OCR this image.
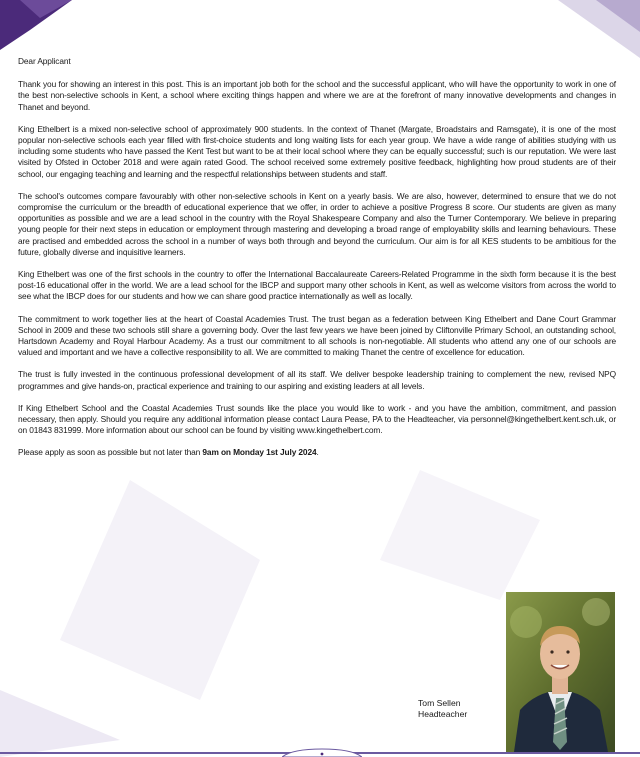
Dear Applicant

Thank you for showing an interest in this post. This is an important job both for the school and the successful applicant, who will have the opportunity to work in one of the best non-selective schools in Kent, a school where exciting things happen and where we are at the forefront of many innovative developments and changes in Thanet and beyond.

King Ethelbert is a mixed non-selective school of approximately 900 students. In the context of Thanet (Margate, Broadstairs and Ramsgate), it is one of the most popular non-selective schools each year filled with first-choice students and long waiting lists for each year group. We have a wide range of abilities studying with us including some students who have passed the Kent Test but want to be at their local school where they can be equally successful; such is our reputation. We were last visited by Ofsted in October 2018 and were again rated Good. The school received some extremely positive feedback, highlighting how proud students are of their school, our engaging teaching and learning and the respectful relationships between students and staff.

The school's outcomes compare favourably with other non-selective schools in Kent on a yearly basis. We are also, however, determined to ensure that we do not compromise the curriculum or the breadth of educational experience that we offer, in order to achieve a positive Progress 8 score. Our students are given as many opportunities as possible and we are a lead school in the country with the Royal Shakespeare Company and also the Turner Contemporary. We believe in preparing young people for their next steps in education or employment through mastering and developing a broad range of employability skills and learning behaviours. These are practised and embedded across the school in a number of ways both through and beyond the curriculum. Our aim is for all KES students to be ambitious for the future, globally diverse and inquisitive learners.

King Ethelbert was one of the first schools in the country to offer the International Baccalaureate Careers-Related Programme in the sixth form because it is the best post-16 educational offer in the world. We are a lead school for the IBCP and support many other schools in Kent, as well as welcome visitors from across the world to see what the IBCP does for our students and how we can share good practice internationally as well as locally.

The commitment to work together lies at the heart of Coastal Academies Trust. The trust began as a federation between King Ethelbert and Dane Court Grammar School in 2009 and these two schools still share a governing body. Over the last few years we have been joined by Cliftonville Primary School, an outstanding school, Hartsdown Academy and Royal Harbour Academy. As a trust our commitment to all schools is non-negotiable. All students who attend any one of our schools are valued and important and we have a collective responsibility to all. We are committed to making Thanet the centre of excellence for education.

The trust is fully invested in the continuous professional development of all its staff. We deliver bespoke leadership training to complement the new, revised NPQ programmes and give hands-on, practical experience and training to our aspiring and existing leaders at all levels.

If King Ethelbert School and the Coastal Academies Trust sounds like the place you would like to work - and you have the ambition, commitment, and passion necessary, then apply. Should you require any additional information please contact Laura Pease, PA to the Headteacher, via personnel@kingethelbert.kent.sch.uk, or on 01843 831999. More information about our school can be found by visiting www.kingethelbert.com.

Please apply as soon as possible but not later than 9am on Monday 1st July 2024.

Tom Sellen
Headteacher
